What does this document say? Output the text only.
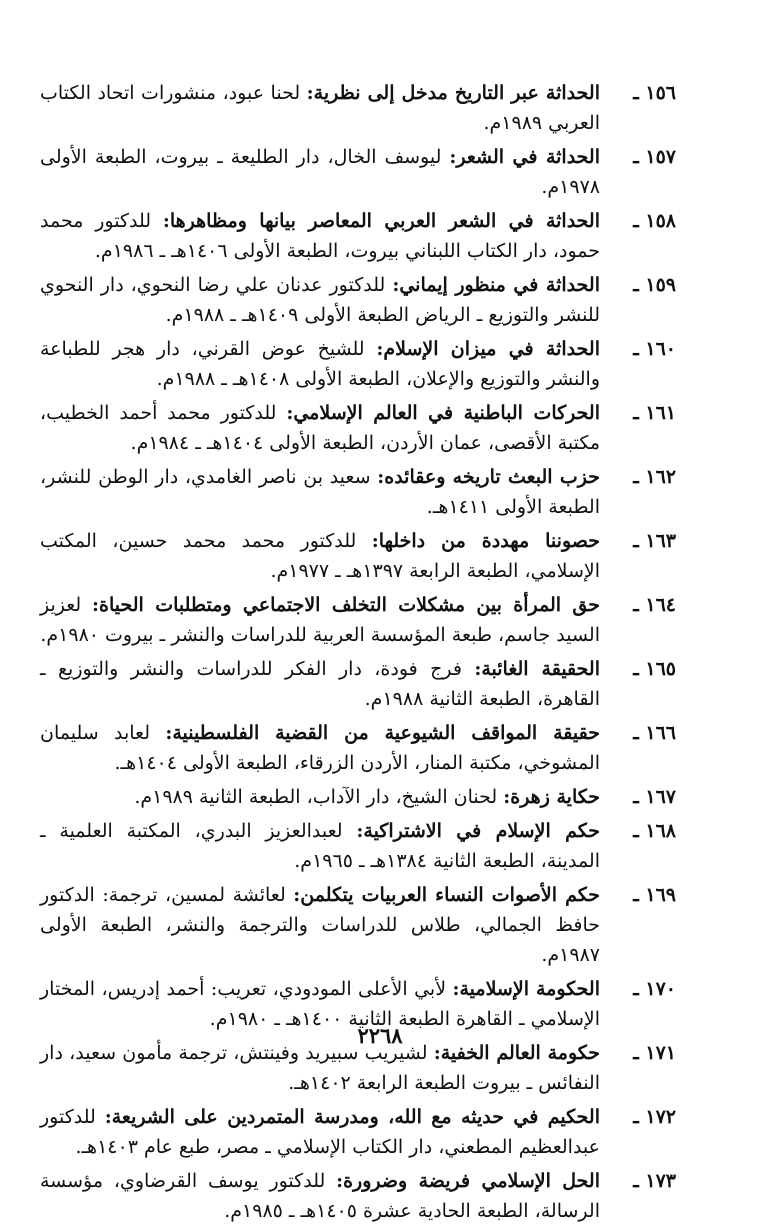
١٥٦ ـ
الحداثة عبر التاريخ مدخل إلى نظرية: لحنا عبود، منشورات اتحاد الكتاب العربي ١٩٨٩م.
١٥٧ ـ
الحداثة في الشعر: ليوسف الخال، دار الطليعة ـ بيروت، الطبعة الأولى ١٩٧٨م.
١٥٨ ـ
الحداثة في الشعر العربي المعاصر بيانها ومظاهرها: للدكتور محمد حمود، دار الكتاب اللبناني بيروت، الطبعة الأولى ١٤٠٦هـ ـ ١٩٨٦م.
١٥٩ ـ
الحداثة في منظور إيماني: للدكتور عدنان علي رضا النحوي، دار النحوي للنشر والتوزيع ـ الرياض الطبعة الأولى ١٤٠٩هـ ـ ١٩٨٨م.
١٦٠ ـ
الحداثة في ميزان الإسلام: للشيخ عوض القرني، دار هجر للطباعة والنشر والتوزيع والإعلان، الطبعة الأولى ١٤٠٨هـ ـ ١٩٨٨م.
١٦١ ـ
الحركات الباطنية في العالم الإسلامي: للدكتور محمد أحمد الخطيب، مكتبة الأقصى، عمان الأردن، الطبعة الأولى ١٤٠٤هـ ـ ١٩٨٤م.
١٦٢ ـ
حزب البعث تاريخه وعقائده: سعيد بن ناصر الغامدي، دار الوطن للنشر، الطبعة الأولى ١٤١١هـ.
١٦٣ ـ
حصوننا مهددة من داخلها: للدكتور محمد محمد حسين، المكتب الإسلامي، الطبعة الرابعة ١٣٩٧هـ ـ ١٩٧٧م.
١٦٤ ـ
حق المرأة بين مشكلات التخلف الاجتماعي ومتطلبات الحياة: لعزيز السيد جاسم، طبعة المؤسسة العربية للدراسات والنشر ـ بيروت ١٩٨٠م.
١٦٥ ـ
الحقيقة الغائبة: فرج فودة، دار الفكر للدراسات والنشر والتوزيع ـ القاهرة، الطبعة الثانية ١٩٨٨م.
١٦٦ ـ
حقيقة المواقف الشيوعية من القضية الفلسطينية: لعابد سليمان المشوخي، مكتبة المنار، الأردن الزرقاء، الطبعة الأولى ١٤٠٤هـ.
١٦٧ ـ
حكاية زهرة: لحنان الشيخ، دار الآداب، الطبعة الثانية ١٩٨٩م.
١٦٨ ـ
حكم الإسلام في الاشتراكية: لعبدالعزيز البدري، المكتبة العلمية ـ المدينة، الطبعة الثانية ١٣٨٤هـ ـ ١٩٦٥م.
١٦٩ ـ
حكم الأصوات النساء العربيات يتكلمن: لعائشة لمسين، ترجمة: الدكتور حافظ الجمالي، طلاس للدراسات والترجمة والنشر، الطبعة الأولى ١٩٨٧م.
١٧٠ ـ
الحكومة الإسلامية: لأبي الأعلى المودودي، تعريب: أحمد إدريس، المختار الإسلامي ـ القاهرة الطبعة الثانية ١٤٠٠هـ ـ ١٩٨٠م.
١٧١ ـ
حكومة العالم الخفية: لشيريب سبيريد وفينتش، ترجمة مأمون سعيد، دار النفائس ـ بيروت الطبعة الرابعة ١٤٠٢هـ.
١٧٢ ـ
الحكيم في حديثه مع الله، ومدرسة المتمردين على الشريعة: للدكتور عبدالعظيم المطعني، دار الكتاب الإسلامي ـ مصر، طبع عام ١٤٠٣هـ.
١٧٣ ـ
الحل الإسلامي فريضة وضرورة: للدكتور يوسف القرضاوي، مؤسسة الرسالة، الطبعة الحادية عشرة ١٤٠٥هـ ـ ١٩٨٥م.
٢٢٦٨
